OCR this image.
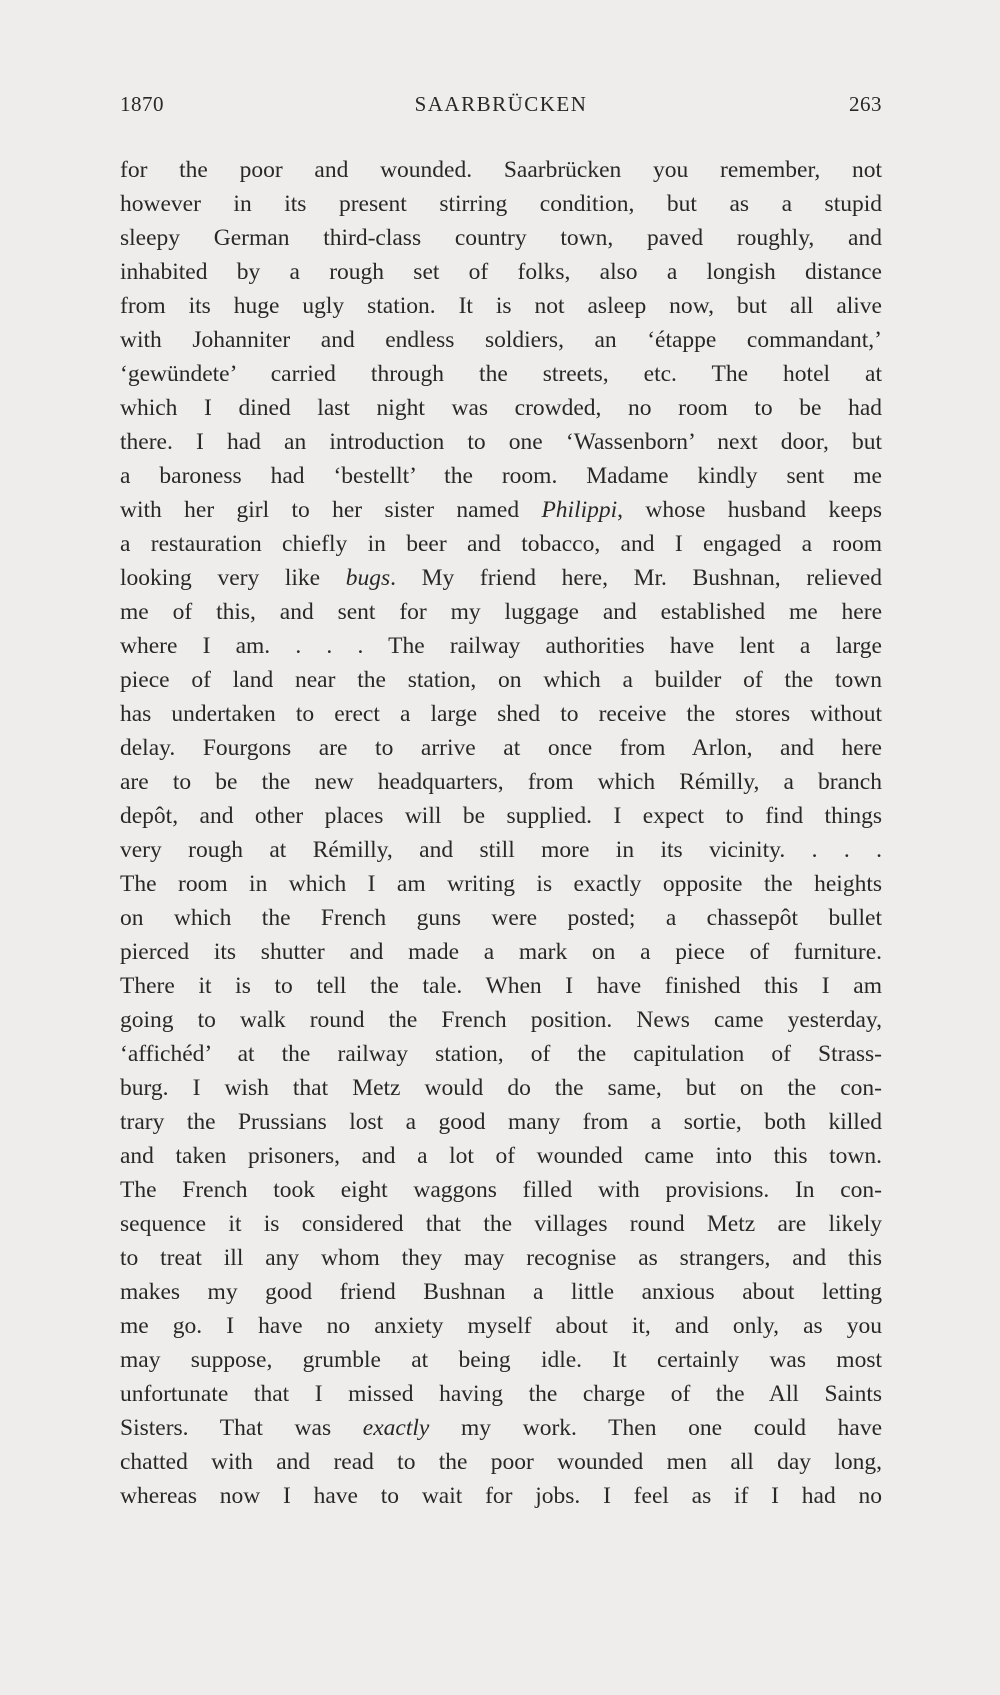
1870	SAARBRÜCKEN	263
for the poor and wounded. Saarbrücken you remember, not
however in its present stirring condition, but as a stupid
sleepy German third-class country town, paved roughly, and
inhabited by a rough set of folks, also a longish distance
from its huge ugly station. It is not asleep now, but all alive
with Johanniter and endless soldiers, an ‘étappe commandant,’
‘gewündete’ carried through the streets, etc. The hotel at
which I dined last night was crowded, no room to be had
there. I had an introduction to one ‘Wassenborn’ next door, but
a baroness had ‘bestellt’ the room. Madame kindly sent me
with her girl to her sister named Philippi, whose husband keeps
a restauration chiefly in beer and tobacco, and I engaged a room
looking very like bugs. My friend here, Mr. Bushnan, relieved
me of this, and sent for my luggage and established me here
where I am. . . . The railway authorities have lent a large
piece of land near the station, on which a builder of the town
has undertaken to erect a large shed to receive the stores without
delay. Fourgons are to arrive at once from Arlon, and here
are to be the new headquarters, from which Rémilly, a branch
depôt, and other places will be supplied. I expect to find things
very rough at Rémilly, and still more in its vicinity. . . .
The room in which I am writing is exactly opposite the heights
on which the French guns were posted; a chassepôt bullet
pierced its shutter and made a mark on a piece of furniture.
There it is to tell the tale. When I have finished this I am
going to walk round the French position. News came yesterday,
‘affichéd’ at the railway station, of the capitulation of Strass-
burg. I wish that Metz would do the same, but on the con-
trary the Prussians lost a good many from a sortie, both killed
and taken prisoners, and a lot of wounded came into this town.
The French took eight waggons filled with provisions. In con-
sequence it is considered that the villages round Metz are likely
to treat ill any whom they may recognise as strangers, and this
makes my good friend Bushnan a little anxious about letting
me go. I have no anxiety myself about it, and only, as you
may suppose, grumble at being idle. It certainly was most
unfortunate that I missed having the charge of the All Saints
Sisters. That was exactly my work. Then one could have
chatted with and read to the poor wounded men all day long,
whereas now I have to wait for jobs. I feel as if I had no
